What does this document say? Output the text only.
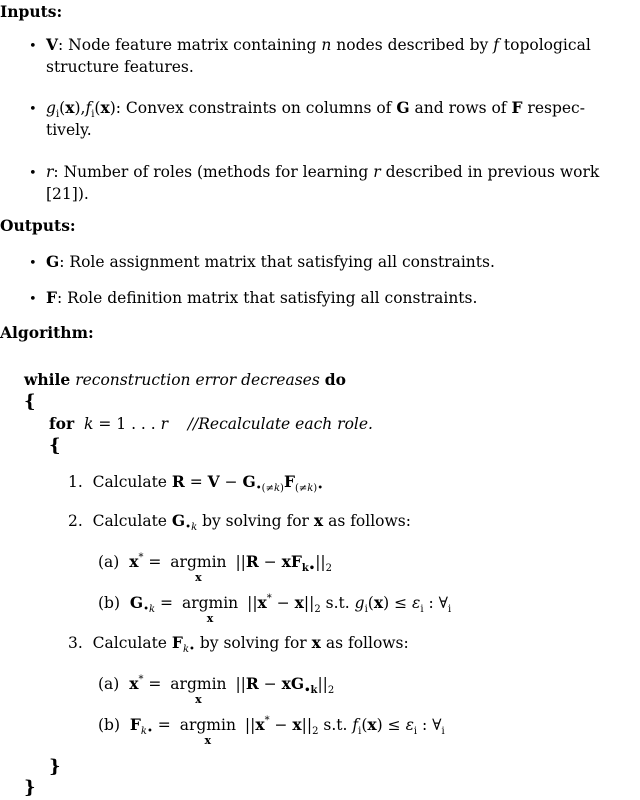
Inputs:
• V: Node feature matrix containing n nodes described by f topological
structure features.
• $g_i(x),f_i(x)$: Convex constraints on columns of G and rows of F respec-
tively.
• r: Number of roles (methods for learning r described in previous work
[21]).
Outputs:
• G: Role assignment matrix that satisfying all constraints.
• F: Role definition matrix that satisfying all constraints.
Algorithm:
while reconstruction error decreases do
{
for k = 1 . . . r //Recalculate each role.
{
1. Calculate $R = V - G_{•(\ne k)}F_{(\ne k)•}$
2. Calculate $G_{•k}$ by solving for x as follows:
(a) x* = argmin
x
$||R - xF_{k•}||_2$
(b) $G_{•k} = argmin$
x
$||x^* - x||_2$ s.t. $g_i(x) \le \varepsilon_i$ : $\forall_i$
3. Calculate $F_{k•}$ by solving for x as follows:
(a) x* = argmin
x
$||R - xG_{•k}||_2$
(b) $F_{k•} = argmin$
x
$||x^* - x||_2$ s.t. $f_i(x) \le \varepsilon_i$ : $\forall_i$
}
}
